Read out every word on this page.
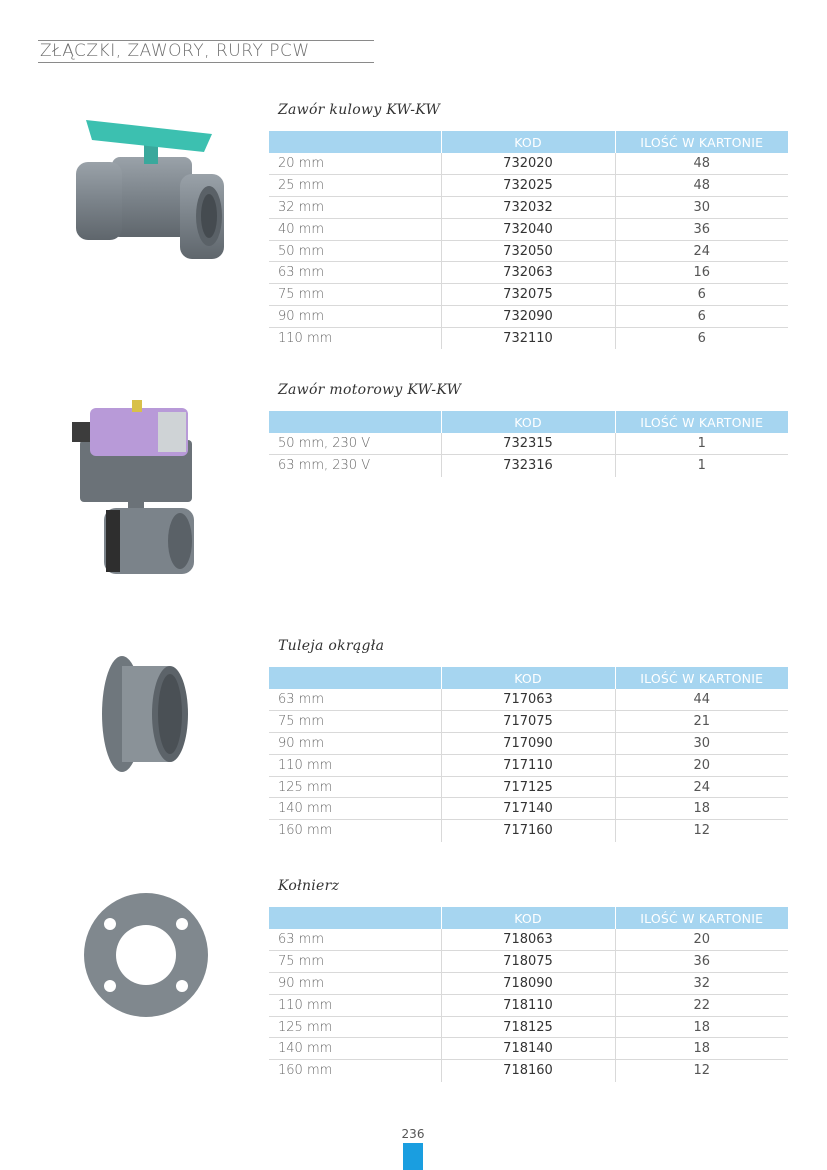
ZŁĄCZKI, ZAWORY, RURY PCW
Zawór kulowy KW-KW
	KOD	ILOŚĆ W KARTONIE
20 mm	732020	48
25 mm	732025	48
32 mm	732032	30
40 mm	732040	36
50 mm	732050	24
63 mm	732063	16
75 mm	732075	6
90 mm	732090	6
110 mm	732110	6
Zawór motorowy KW-KW
	KOD	ILOŚĆ W KARTONIE
50 mm, 230 V	732315	1
63 mm, 230 V	732316	1
Tuleja okrągła
	KOD	ILOŚĆ W KARTONIE
63 mm	717063	44
75 mm	717075	21
90 mm	717090	30
110 mm	717110	20
125 mm	717125	24
140 mm	717140	18
160 mm	717160	12
Kołnierz
	KOD	ILOŚĆ W KARTONIE
63 mm	718063	20
75 mm	718075	36
90 mm	718090	32
110 mm	718110	22
125 mm	718125	18
140 mm	718140	18
160 mm	718160	12
236
